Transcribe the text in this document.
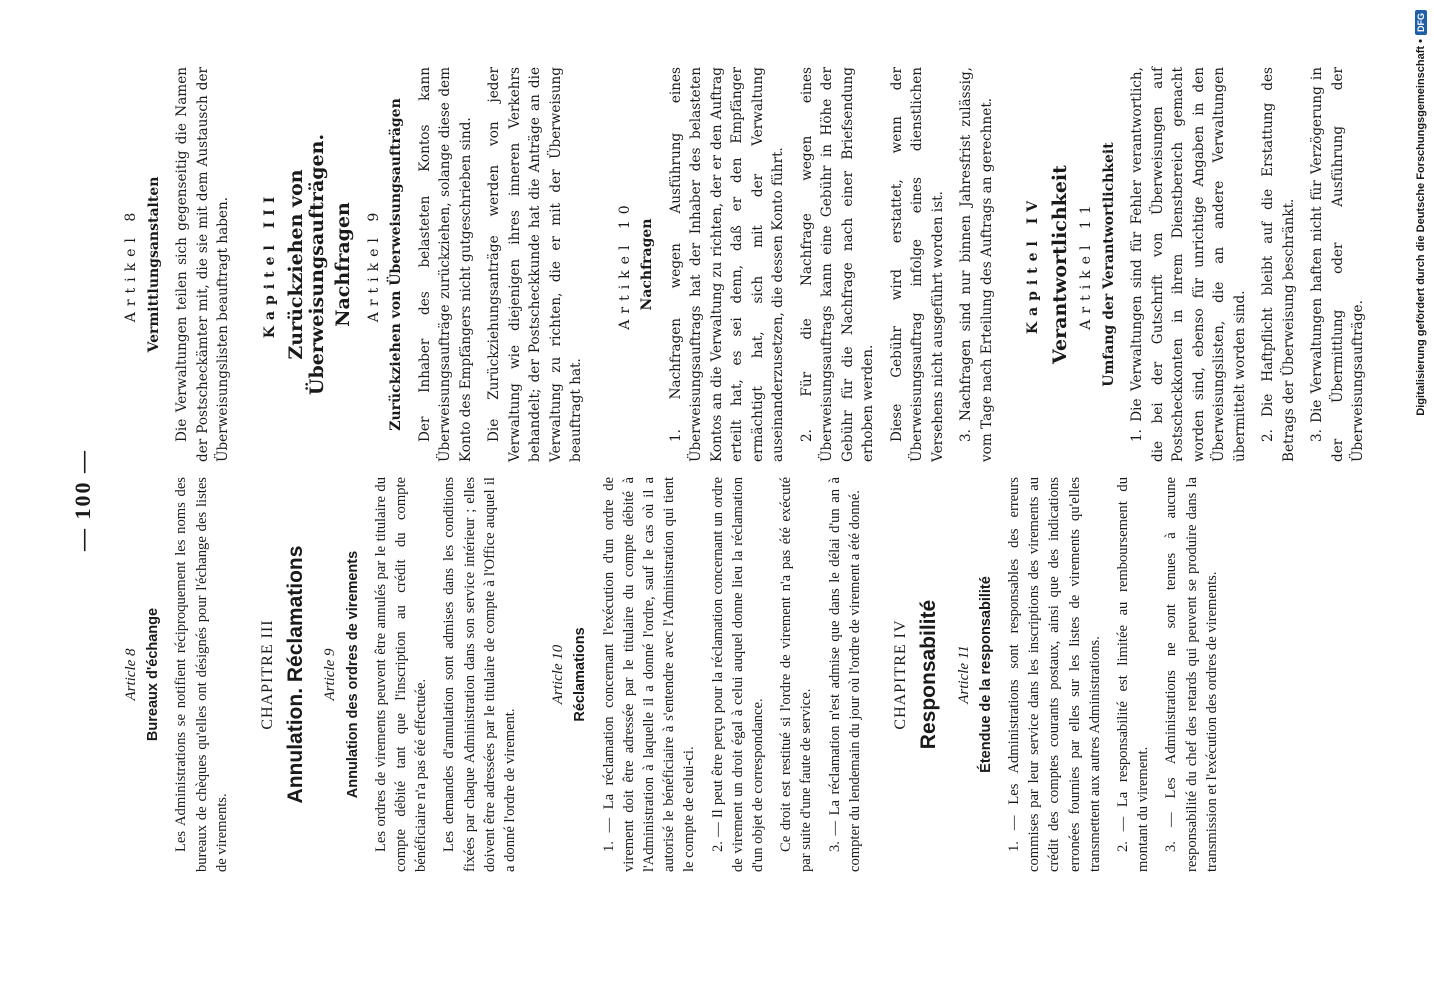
— 100 —
Article 8 Bureaux d'échange Les Administrations se notifient réciproquement les noms des bureaux de chèques qu'elles ont désignés pour l'échange des listes de virements.

CHAPITRE III Annulation. Réclamations Article 9 Annulation des ordres de virements Les ordres de virements peuvent être annulés par le titulaire du compte débité tant que l'inscription au crédit du compte bénéficiaire n'a pas été effectuée. Les demandes d'annulation sont admises dans les conditions fixées par chaque Administration dans son service intérieur ; elles doivent être adressées par le titulaire de compte à l'Office auquel il a donné l'ordre de virement.

Article 10 Réclamations 1. — La réclamation concernant l'exécution d'un ordre de virement doit être adressée par le titulaire du compte débité à l'Administration à laquelle il a donné l'ordre, sauf le cas où il a autorisé le bénéficiaire à s'entendre avec l'Administration qui tient le compte de celui-ci. 2. — Il peut être perçu pour la réclamation concernant un ordre de virement un droit égal à celui auquel donne lieu la réclamation d'un objet de correspondance. Ce droit est restitué si l'ordre de virement n'a pas été exécuté par suite d'une faute de service. 3. — La réclamation n'est admise que dans le délai d'un an à compter du lendemain du jour où l'ordre de virement a été donné. CHAPITRE IV Responsabilité Article 11 Étendue de la responsabilité 1. — Les Administrations sont responsables des erreurs commises par leur service dans les inscriptions des virements au crédit des comptes courants postaux, ainsi que des indications erronées fournies par elles sur les listes de virements qu'elles transmettent aux autres Administrations. 2. — La responsabilité est limitée au remboursement du montant du virement. 3. — Les Administrations ne sont tenues à aucune responsabilité du chef des retards qui peuvent se produire dans la transmission et l'exécution des ordres de virements.

Artikel 8 Vermittlungsanstalten Die Verwaltungen teilen sich gegenseitig die Namen der Postscheckämter mit, die sie mit dem Austausch der Überweisungslisten beauftragt haben. Kapitel III Zurückziehen von Überweisungsaufträgen. Nachfragen Artikel 9 Zurückziehen von Überweisungsaufträgen Der Inhaber des belasteten Kontos kann Überweisungsaufträge zurückziehen, solange diese dem Konto des Empfängers nicht gutgeschrieben sind. Die Zurückziehungsanträge werden von jeder Verwaltung wie diejenigen ihres inneren Verkehrs behandelt; der Postscheckkunde hat die Anträge an die Verwaltung zu richten, die er mit der Überweisung beauftragt hat.

Artikel 10 Nachfragen 1. Nachfragen wegen Ausführung eines Überweisungsauftrags hat der Inhaber des belasteten Kontos an die Verwaltung zu richten, der er den Auftrag erteilt hat, es sei denn, daß er den Empfänger ermächtigt hat, sich mit der Verwaltung auseinanderzusetzen, die dessen Konto führt. 2. Für die Nachfrage wegen eines Überweisungsauftrags kann eine Gebühr in Höhe der Gebühr für die Nachfrage nach einer Briefsendung erhoben werden. Diese Gebühr wird erstattet, wenn der Überweisungsauftrag infolge eines dienstlichen Versehens nicht ausgeführt worden ist. 3. Nachfragen sind nur binnen Jahresfrist zulässig, vom Tage nach Erteilung des Auftrags an gerechnet. Kapitel IV Verantwortlichkeit Artikel 11 Umfang der Verantwortlichkeit 1. Die Verwaltungen sind für Fehler verantwortlich, die bei der Gutschrift von Überweisungen auf Postscheckkonten in ihrem Dienstbereich gemacht worden sind, ebenso für unrichtige Angaben in den Überweisungslisten, die an andere Verwaltungen übermittelt worden sind. 2. Die Haftpflicht bleibt auf die Erstattung des Betrags der Überweisung beschränkt. 3. Die Verwaltungen haften nicht für Verzögerung in der Übermittlung oder Ausführung der Überweisungsaufträge.	Digitalisierung gefördert durch die Deutsche Forschungsgemeinschaft •
DFG
